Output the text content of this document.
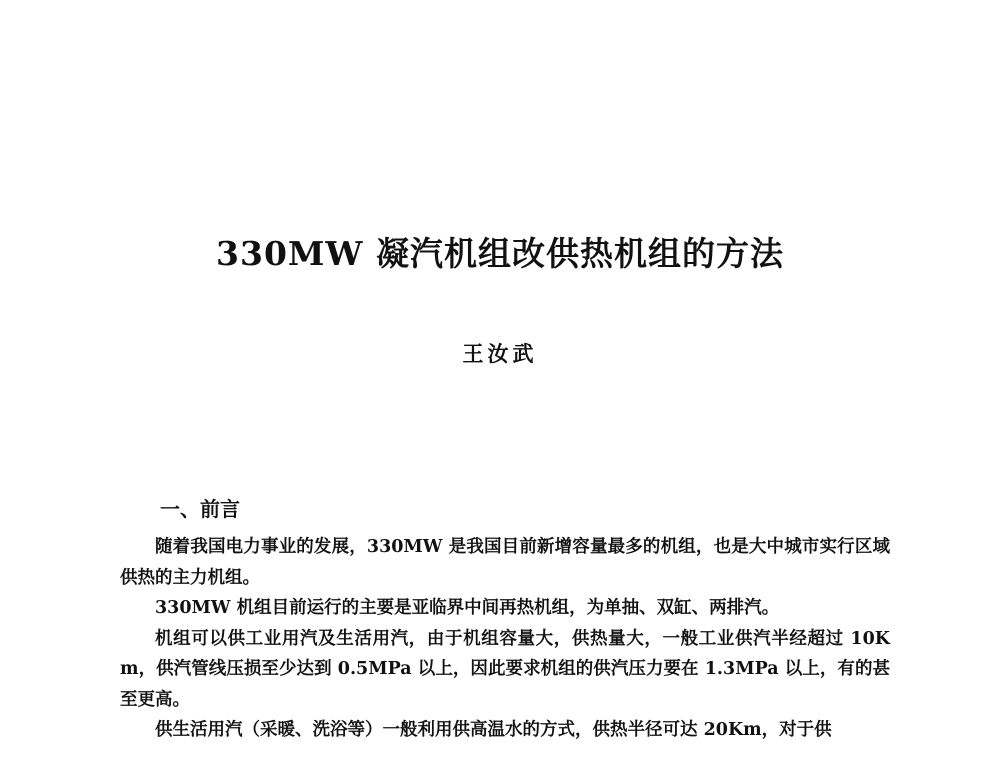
330MW 凝汽机组改供热机组的方法
王汝武
一、前言

随着我国电力事业的发展，330MW 是我国目前新增容量最多的机组，也是大中城市实行区域供热的主力机组。

330MW 机组目前运行的主要是亚临界中间再热机组，为单抽、双缸、两排汽。

机组可以供工业用汽及生活用汽，由于机组容量大，供热量大，一般工业供汽半经超过 10Km，供汽管线压损至少达到 0.5MPa 以上，因此要求机组的供汽压力要在 1.3MPa 以上，有的甚至更高。

供生活用汽（采暖、洗浴等）一般利用供高温水的方式，供热半径可达 20Km，对于供
